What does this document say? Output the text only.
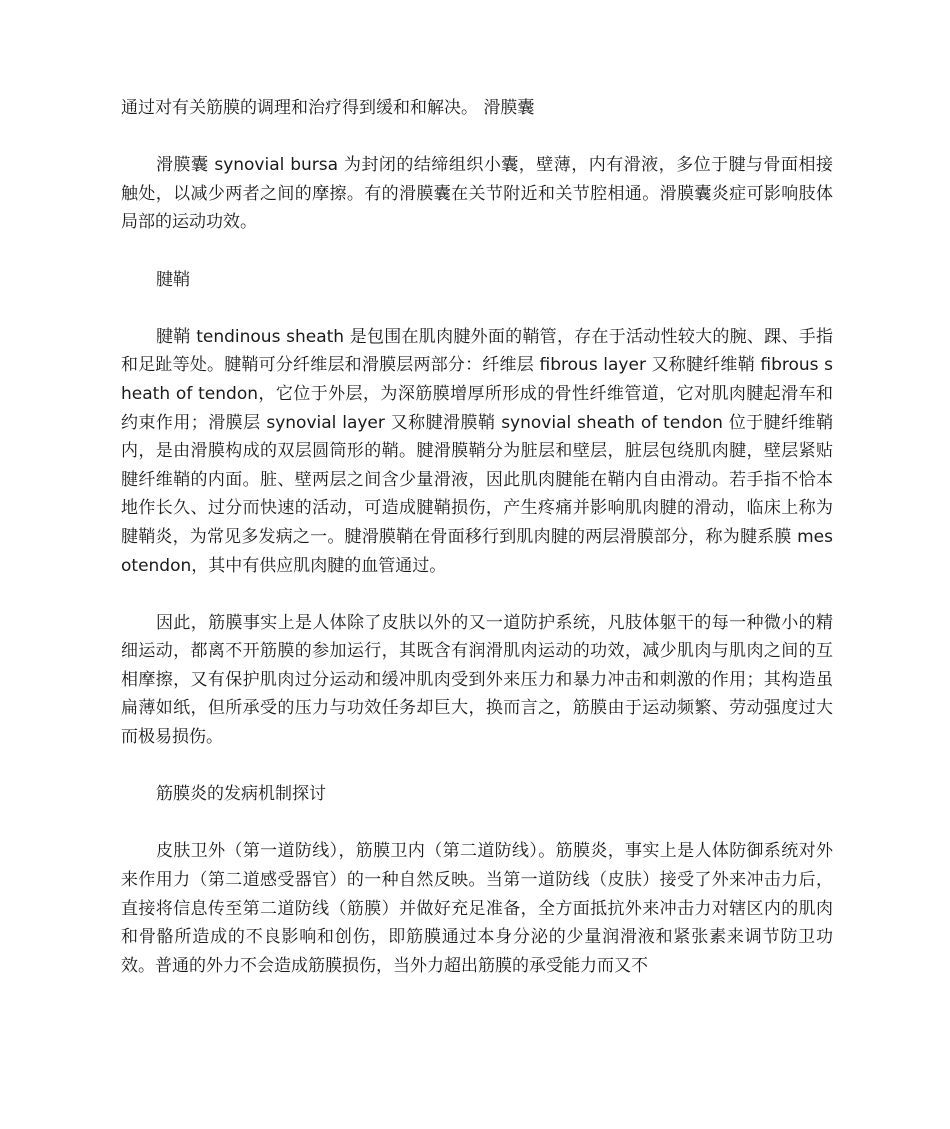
通过对有关筋膜的调理和治疗得到缓和和解决。 滑膜囊

滑膜囊 synovial bursa 为封闭的结缔组织小囊，壁薄，内有滑液，多位于腱与骨面相接触处，以减少两者之间的摩擦。有的滑膜囊在关节附近和关节腔相通。滑膜囊炎症可影响肢体局部的运动功效。

腱鞘

腱鞘 tendinous sheath 是包围在肌肉腱外面的鞘管，存在于活动性较大的腕、踝、手指和足趾等处。腱鞘可分纤维层和滑膜层两部分：纤维层 fibrous layer 又称腱纤维鞘 fibrous sheath of tendon，它位于外层，为深筋膜增厚所形成的骨性纤维管道，它对肌肉腱起滑车和约束作用；滑膜层 synovial layer 又称腱滑膜鞘 synovial sheath of tendon 位于腱纤维鞘内，是由滑膜构成的双层圆筒形的鞘。腱滑膜鞘分为脏层和壁层，脏层包绕肌肉腱，壁层紧贴腱纤维鞘的内面。脏、壁两层之间含少量滑液，因此肌肉腱能在鞘内自由滑动。若手指不恰本地作长久、过分而快速的活动，可造成腱鞘损伤，产生疼痛并影响肌肉腱的滑动，临床上称为腱鞘炎，为常见多发病之一。腱滑膜鞘在骨面移行到肌肉腱的两层滑膜部分，称为腱系膜 mesotendon，其中有供应肌肉腱的血管通过。

因此，筋膜事实上是人体除了皮肤以外的又一道防护系统，凡肢体躯干的每一种微小的精细运动，都离不开筋膜的参加运行，其既含有润滑肌肉运动的功效，减少肌肉与肌肉之间的互相摩擦，又有保护肌肉过分运动和缓冲肌肉受到外来压力和暴力冲击和刺激的作用；其构造虽扁薄如纸，但所承受的压力与功效任务却巨大，换而言之，筋膜由于运动频繁、劳动强度过大而极易损伤。

筋膜炎的发病机制探讨

皮肤卫外（第一道防线），筋膜卫内（第二道防线）。筋膜炎，事实上是人体防御系统对外来作用力（第二道感受器官）的一种自然反映。当第一道防线（皮肤）接受了外来冲击力后，直接将信息传至第二道防线（筋膜）并做好充足准备，全方面抵抗外来冲击力对辖区内的肌肉和骨骼所造成的不良影响和创伤，即筋膜通过本身分泌的少量润滑液和紧张素来调节防卫功效。普通的外力不会造成筋膜损伤，当外力超出筋膜的承受能力而又不
